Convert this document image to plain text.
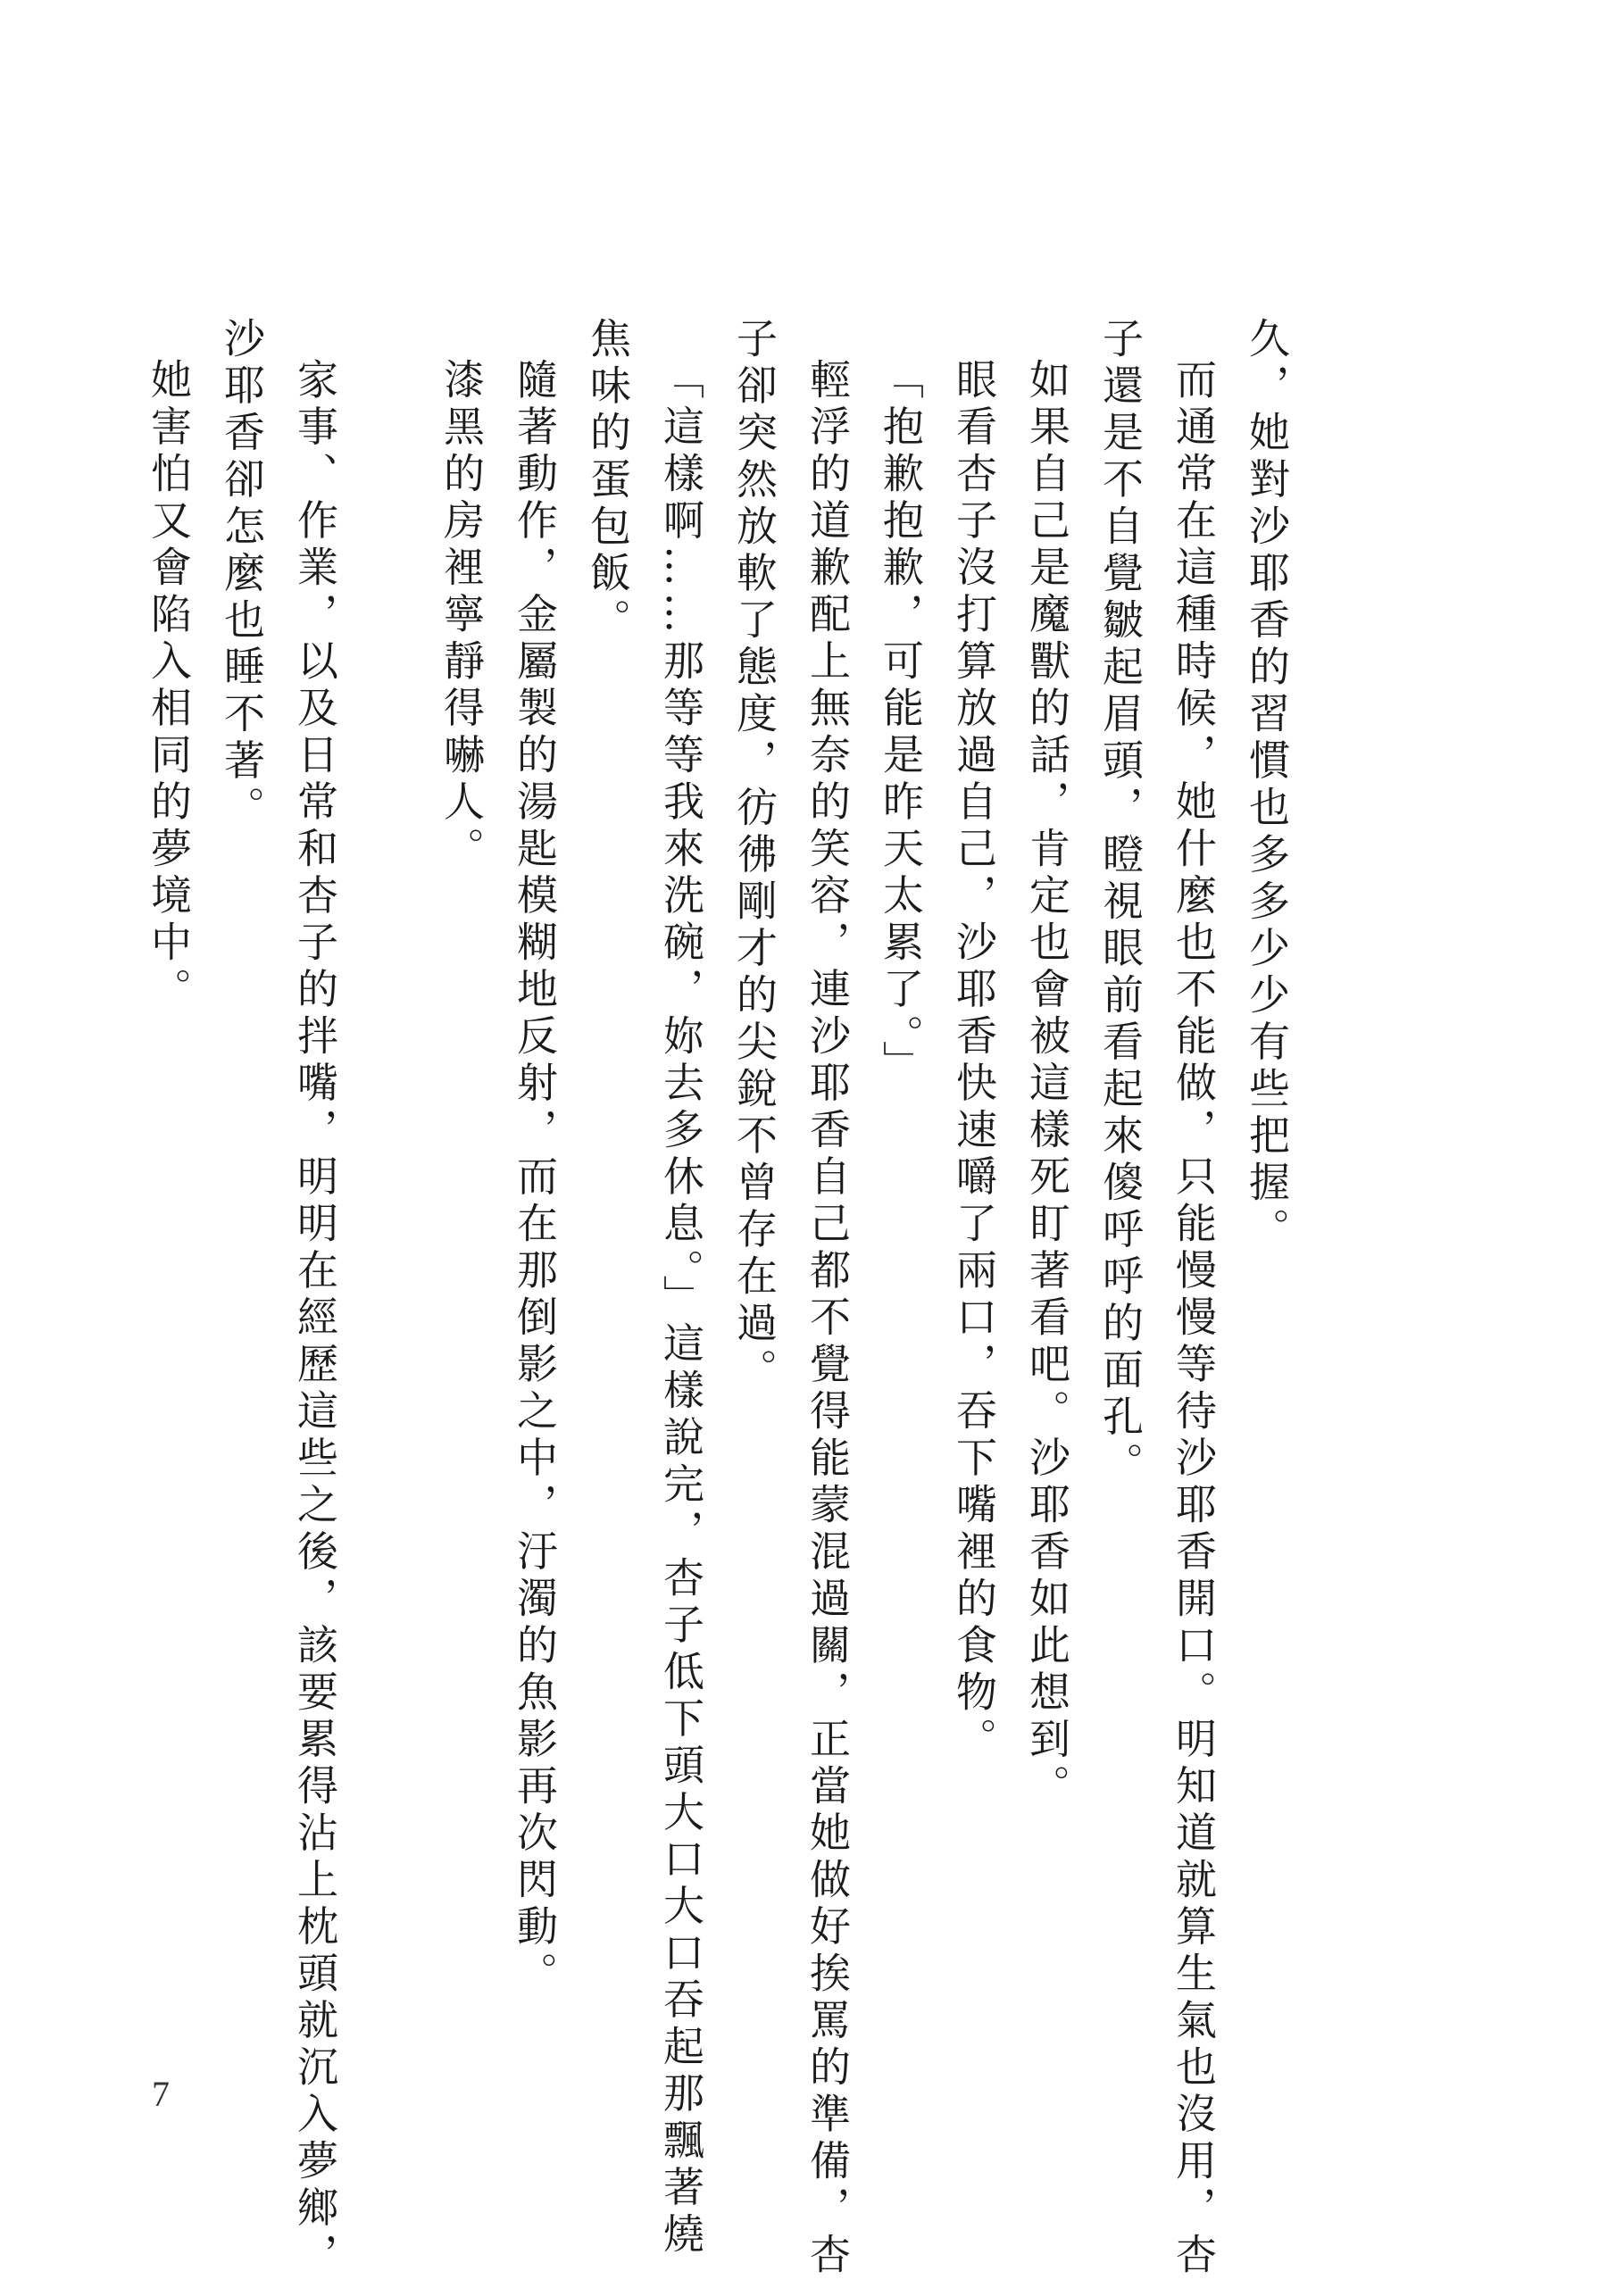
久，她對沙耶香的習慣也多多少少有些把握。

而通常在這種時候，她什麼也不能做，只能慢慢等待沙耶香開口。明知道就算生氣也沒用，杏

子還是不自覺皺起眉頭，瞪視眼前看起來傻呼呼的面孔。

如果自己是魔獸的話，肯定也會被這樣死盯著看吧。沙耶香如此想到。

眼看杏子沒打算放過自己，沙耶香快速嚼了兩口，吞下嘴裡的食物。

「抱歉抱歉，可能是昨天太累了。」

輕浮的道歉配上無奈的笑容，連沙耶香自己都不覺得能蒙混過關，正當她做好挨罵的準備，杏

子卻突然放軟了態度，彷彿剛才的尖銳不曾存在過。

「這樣啊……那等等我來洗碗，妳去多休息。」這樣說完，杏子低下頭大口大口吞起那飄著燒

焦味的蛋包飯。

隨著動作，金屬製的湯匙模糊地反射，而在那倒影之中，汙濁的魚影再次閃動。

漆黑的房裡寧靜得嚇人。

家事、作業，以及日常和杏子的拌嘴，明明在經歷這些之後，該要累得沾上枕頭就沉入夢鄉，

沙耶香卻怎麼也睡不著。

她害怕又會陷入相同的夢境中。

7
